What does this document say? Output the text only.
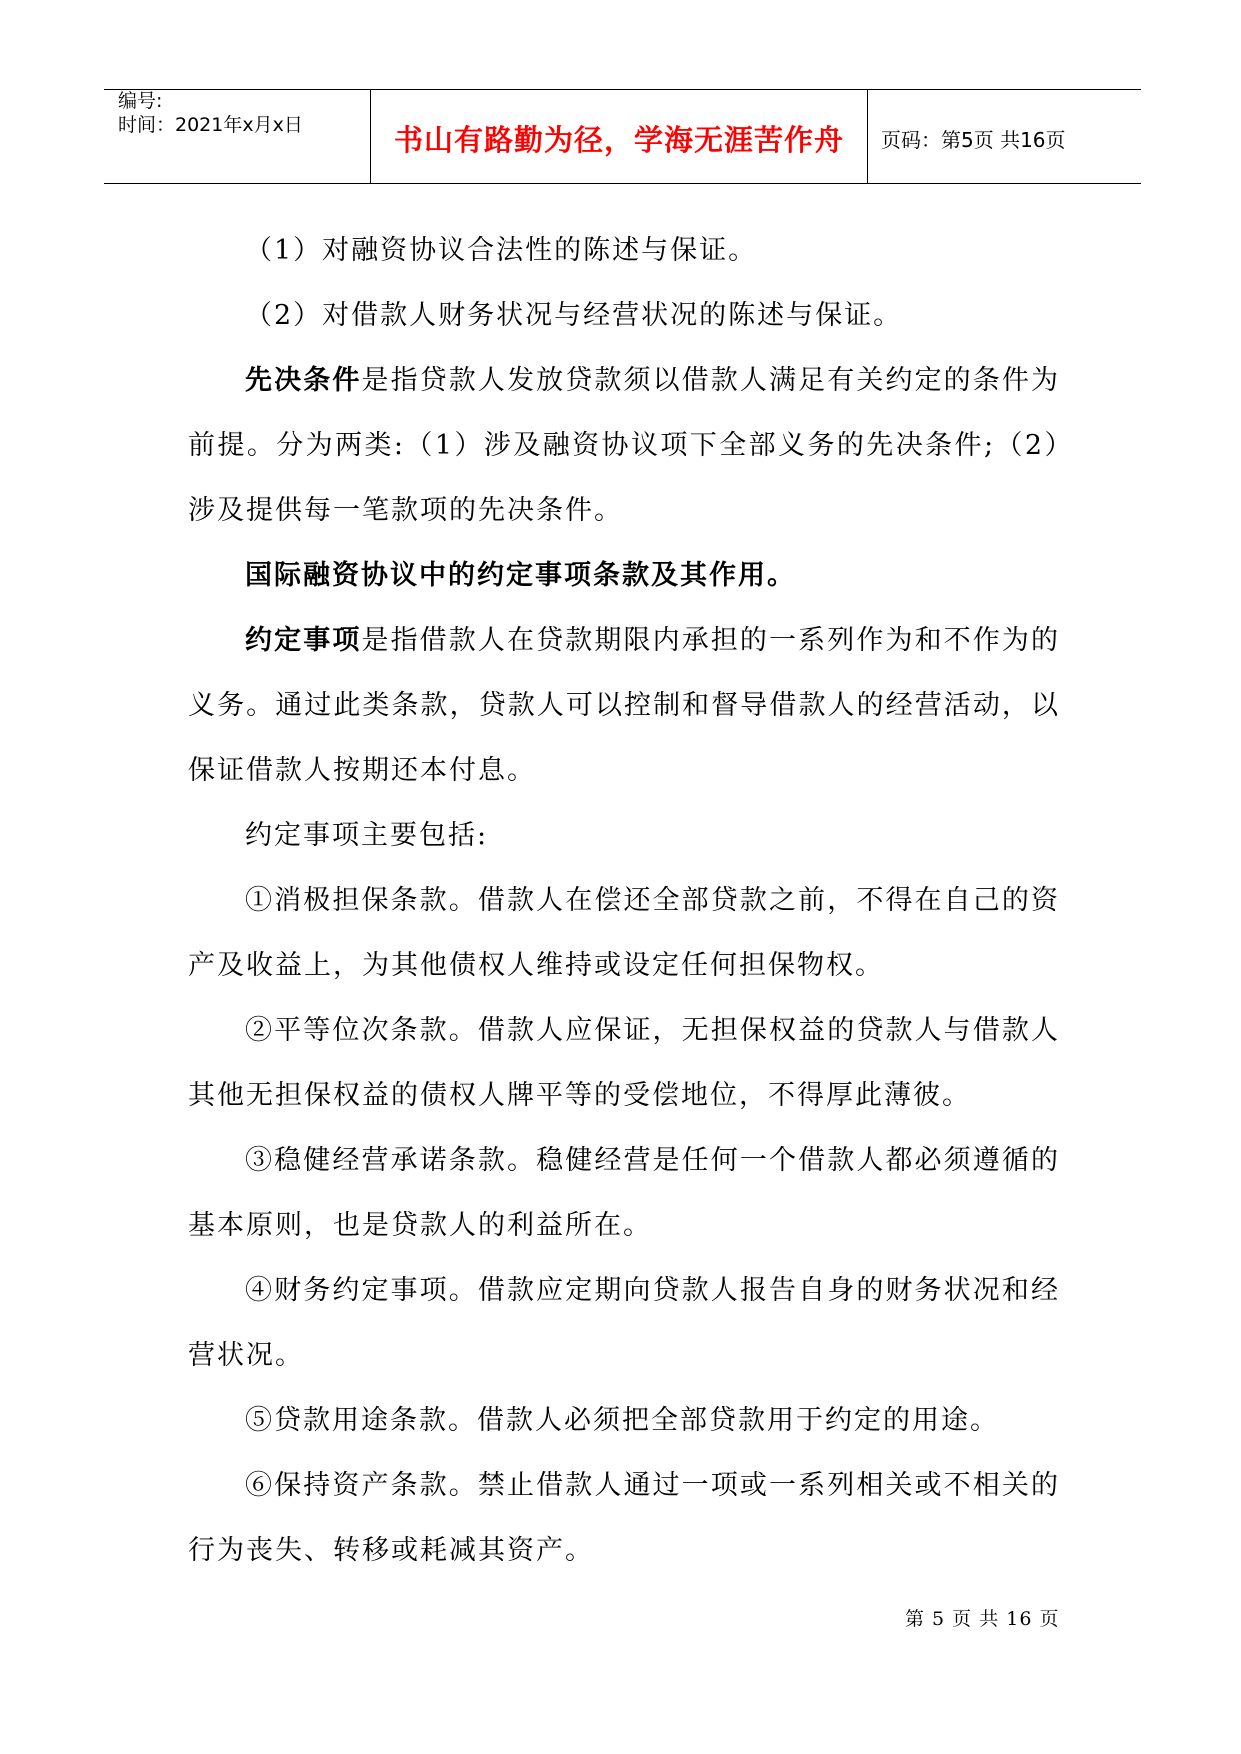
编号:
时间：2021年x月x日	书山有路勤为径，学海无涯苦作舟	页码：第5页 共16页

（1）对融资协议合法性的陈述与保证。

（2）对借款人财务状况与经营状况的陈述与保证。

先决条件是指贷款人发放贷款须以借款人满足有关约定的条件为前提。分为两类:（1）涉及融资协议项下全部义务的先决条件;（2）涉及提供每一笔款项的先决条件。

国际融资协议中的约定事项条款及其作用。

约定事项是指借款人在贷款期限内承担的一系列作为和不作为的义务。通过此类条款，贷款人可以控制和督导借款人的经营活动，以保证借款人按期还本付息。

约定事项主要包括:

①消极担保条款。借款人在偿还全部贷款之前，不得在自己的资产及收益上，为其他债权人维持或设定任何担保物权。

②平等位次条款。借款人应保证，无担保权益的贷款人与借款人其他无担保权益的债权人牌平等的受偿地位，不得厚此薄彼。

③稳健经营承诺条款。稳健经营是任何一个借款人都必须遵循的基本原则，也是贷款人的利益所在。

④财务约定事项。借款应定期向贷款人报告自身的财务状况和经营状况。

⑤贷款用途条款。借款人必须把全部贷款用于约定的用途。

⑥保持资产条款。禁止借款人通过一项或一系列相关或不相关的行为丧失、转移或耗减其资产。

第 5 页 共 16 页
